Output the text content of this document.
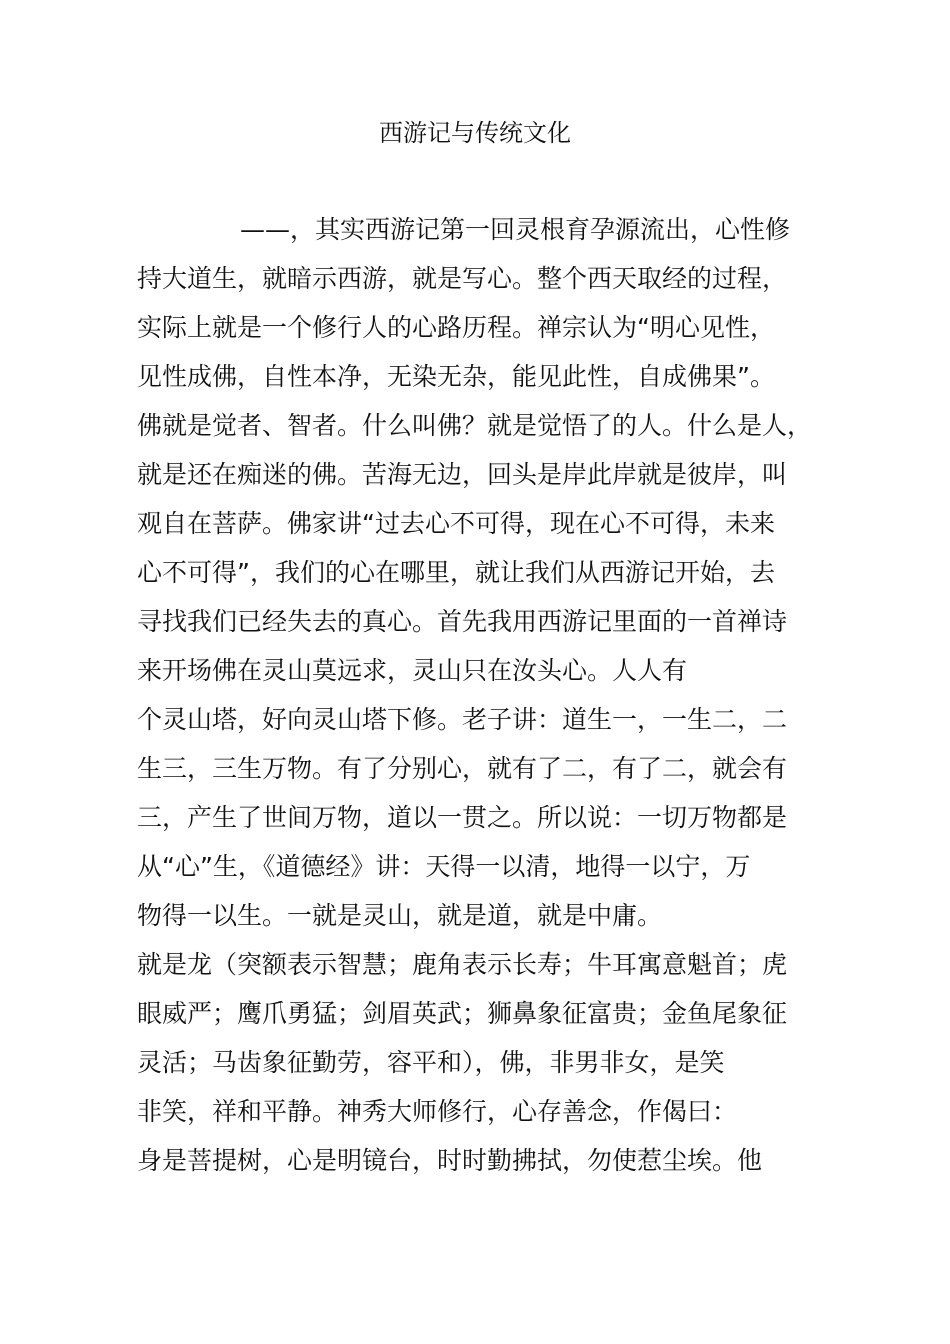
西游记与传统文化
——，其实西游记第一回灵根育孕源流出，心性修
持大道生，就暗示西游，就是写心。整个西天取经的过程，
实际上就是一个修行人的心路历程。禅宗认为“明心见性，
见性成佛，自性本净，无染无杂，能见此性，自成佛果”。
佛就是觉者、智者。什么叫佛？就是觉悟了的人。什么是人，
就是还在痴迷的佛。苦海无边，回头是岸此岸就是彼岸，叫
观自在菩萨。佛家讲“过去心不可得，现在心不可得，未来
心不可得”，我们的心在哪里，就让我们从西游记开始，去
寻找我们已经失去的真心。首先我用西游记里面的一首禅诗
来开场佛在灵山莫远求，灵山只在汝头心。人人有
个灵山塔，好向灵山塔下修。老子讲：道生一，一生二，二
生三，三生万物。有了分别心，就有了二，有了二，就会有
三，产生了世间万物，道以一贯之。所以说：一切万物都是
从“心”生，《道德经》讲：天得一以清，地得一以宁，万
物得一以生。一就是灵山，就是道，就是中庸。
就是龙（突额表示智慧；鹿角表示长寿；牛耳寓意魁首；虎
眼威严；鹰爪勇猛；剑眉英武；狮鼻象征富贵；金鱼尾象征
灵活；马齿象征勤劳，容平和），佛，非男非女，是笑
非笑，祥和平静。神秀大师修行，心存善念，作偈曰：
身是菩提树，心是明镜台，时时勤拂拭，勿使惹尘埃。他
